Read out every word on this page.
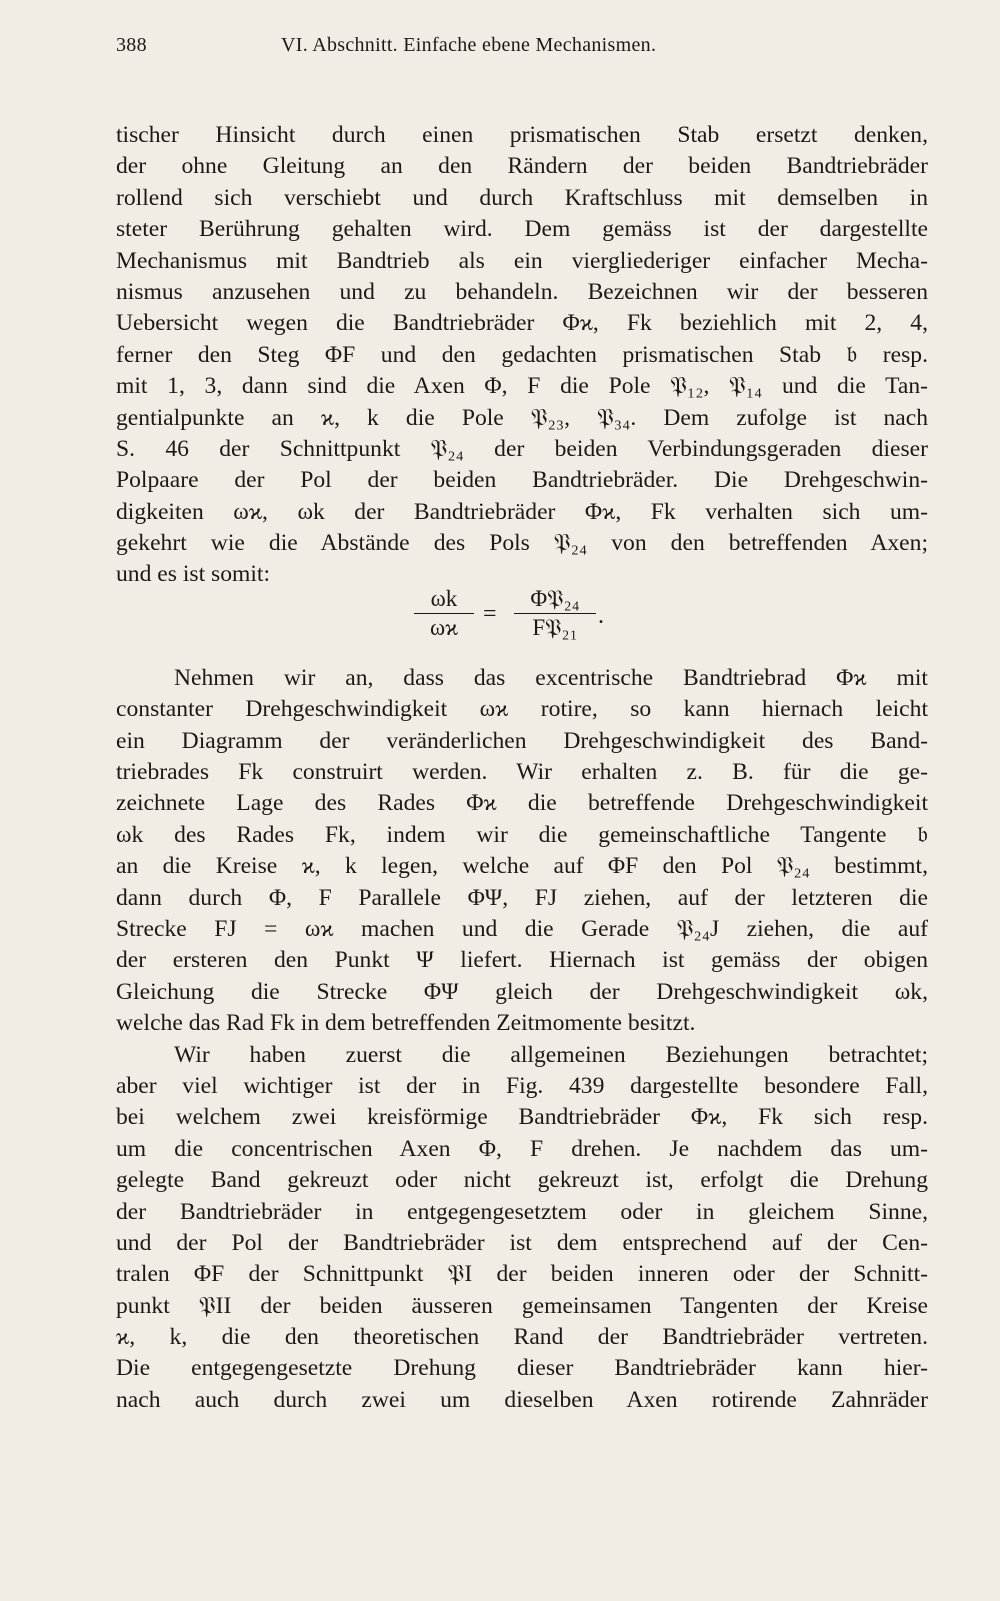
388	VI. Abschnitt. Einfache ebene Mechanismen.
tischer Hinsicht durch einen prismatischen Stab ersetzt denken,
der ohne Gleitung an den Rändern der beiden Bandtriebräder
rollend sich verschiebt und durch Kraftschluss mit demselben in
steter Berührung gehalten wird. Dem gemäss ist der dargestellte
Mechanismus mit Bandtrieb als ein viergliederiger einfacher Mecha-
nismus anzusehen und zu behandeln. Bezeichnen wir der besseren
Uebersicht wegen die Bandtriebräder Φϰ, Fk beziehlich mit 2, 4,
ferner den Steg ΦF und den gedachten prismatischen Stab 𝔟 resp.
mit 1, 3, dann sind die Axen Φ, F die Pole 𝔓₁₂, 𝔓₁₄ und die Tan-
gentialpunkte an ϰ, k die Pole 𝔓₂₃, 𝔓₃₄. Dem zufolge ist nach
S. 46 der Schnittpunkt 𝔓₂₄ der beiden Verbindungsgeraden dieser
Polpaare der Pol der beiden Bandtriebräder. Die Drehgeschwin-
digkeiten ωϰ, ωk der Bandtriebräder Φϰ, Fk verhalten sich um-
gekehrt wie die Abstände des Pols 𝔓₂₄ von den betreffenden Axen;
und es ist somit:
$\frac{\omega k}{\omega ϰ}$ =
Φ𝔓₂₄
F𝔓₂₁ .
Nehmen wir an, dass das excentrische Bandtriebrad Φϰ mit
constanter Drehgeschwindigkeit ωϰ rotire, so kann hiernach leicht
ein Diagramm der veränderlichen Drehgeschwindigkeit des Band-
triebrades Fk construirt werden. Wir erhalten z. B. für die ge-
zeichnete Lage des Rades Φϰ die betreffende Drehgeschwindigkeit
ωk des Rades Fk, indem wir die gemeinschaftliche Tangente 𝔟
an die Kreise ϰ, k legen, welche auf ΦF den Pol 𝔓₂₄ bestimmt,
dann durch Φ, F Parallele ΦΨ, FJ ziehen, auf der letzteren die
Strecke FJ = ωϰ machen und die Gerade 𝔓₂₄J ziehen, die auf
der ersteren den Punkt Ψ liefert. Hiernach ist gemäss der obigen
Gleichung die Strecke ΦΨ gleich der Drehgeschwindigkeit ωk,
welche das Rad Fk in dem betreffenden Zeitmomente besitzt.
Wir haben zuerst die allgemeinen Beziehungen betrachtet;
aber viel wichtiger ist der in Fig. 439 dargestellte besondere Fall,
bei welchem zwei kreisförmige Bandtriebräder Φϰ, Fk sich resp.
um die concentrischen Axen Φ, F drehen. Je nachdem das um-
gelegte Band gekreuzt oder nicht gekreuzt ist, erfolgt die Drehung
der Bandtriebräder in entgegengesetztem oder in gleichem Sinne,
und der Pol der Bandtriebräder ist dem entsprechend auf der Cen-
tralen ΦF der Schnittpunkt 𝔓I der beiden inneren oder der Schnitt-
punkt 𝔓II der beiden äusseren gemeinsamen Tangenten der Kreise
ϰ, k, die den theoretischen Rand der Bandtriebräder vertreten.
Die entgegengesetzte Drehung dieser Bandtriebräder kann hier-
nach auch durch zwei um dieselben Axen rotirende Zahnräder
